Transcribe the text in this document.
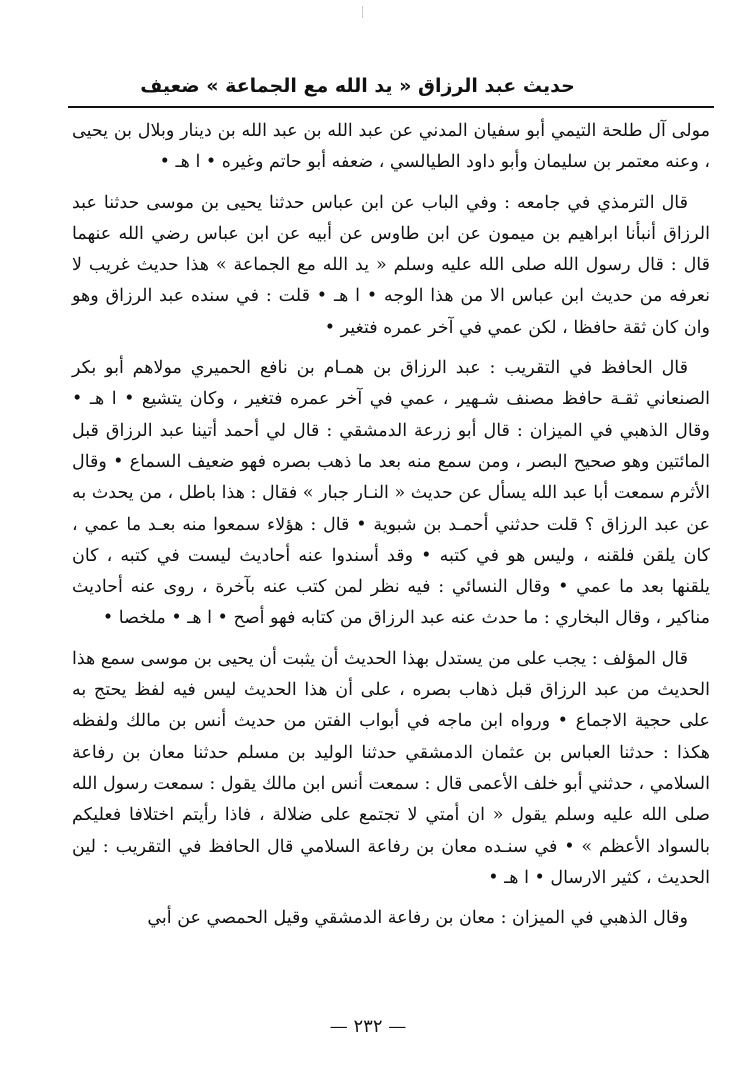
حديث عبد الرزاق « يد الله مع الجماعة » ضعيف

مولى آل طلحة التيمي أبو سفيان المدني عن عبد الله بن عبد الله بن دينار وبلال بن يحيى ، وعنه معتمر بن سليمان وأبو داود الطيالسي ، ضعفه أبو حاتم وغيره • ا هـ •

قال الترمذي في جامعه : وفي الباب عن ابن عباس حدثنا يحيى بن موسى حدثنا عبد الرزاق أنبأنا ابراهيم بن ميمون عن ابن طاوس عن أبيه عن ابن عباس رضي الله عنهما قال : قال رسول الله صلى الله عليه وسلم « يد الله مع الجماعة » هذا حديث غريب لا نعرفه من حديث ابن عباس الا من هذا الوجه • ا هـ • قلت : في سنده عبد الرزاق وهو وان كان ثقة حافظا ، لكن عمي في آخر عمره فتغير •

قال الحافظ في التقريب : عبد الرزاق بن همـام بن نافع الحميري مولاهم أبو بكر الصنعاني ثقـة حافظ مصنف شـهير ، عمي في آخر عمره فتغير ، وكان يتشيع • ا هـ • وقال الذهبي في الميزان : قال أبو زرعة الدمشقي : قال لي أحمد أتينا عبد الرزاق قبل المائتين وهو صحيح البصر ، ومن سمع منه بعد ما ذهب بصره فهو ضعيف السماع • وقال الأثرم سمعت أبا عبد الله يسأل عن حديث « النـار جبار » فقال : هذا باطل ، من يحدث به عن عبد الرزاق ؟ قلت حدثني أحمـد بن شبوية • قال : هؤلاء سمعوا منه بعـد ما عمي ، كان يلقن فلقنه ، وليس هو في كتبه • وقد أسندوا عنه أحاديث ليست في كتبه ، كان يلقنها بعد ما عمي • وقال النسائي : فيه نظر لمن كتب عنه بآخرة ، روى عنه أحاديث مناكير ، وقال البخاري : ما حدث عنه عبد الرزاق من كتابه فهو أصح • ا هـ • ملخصا •

قال المؤلف : يجب على من يستدل بهذا الحديث أن يثبت أن يحيى بن موسى سمع هذا الحديث من عبد الرزاق قبل ذهاب بصره ، على أن هذا الحديث ليس فيه لفظ يحتج به على حجية الاجماع • ورواه ابن ماجه في أبواب الفتن من حديث أنس بن مالك ولفظه هكذا : حدثنا العباس بن عثمان الدمشقي حدثنا الوليد بن مسلم حدثنا معان بن رفاعة السلامي ، حدثني أبو خلف الأعمى قال : سمعت أنس ابن مالك يقول : سمعت رسول الله صلى الله عليه وسلم يقول « ان أمتي لا تجتمع على ضلالة ، فاذا رأيتم اختلافا فعليكم بالسواد الأعظم » • في سنـده معان بن رفاعة السلامي قال الحافظ في التقريب : لين الحديث ، كثير الارسال • ا هـ •

وقال الذهبي في الميزان : معان بن رفاعة الدمشقي وقيل الحمصي عن أبي

— ٢٣٢ —
